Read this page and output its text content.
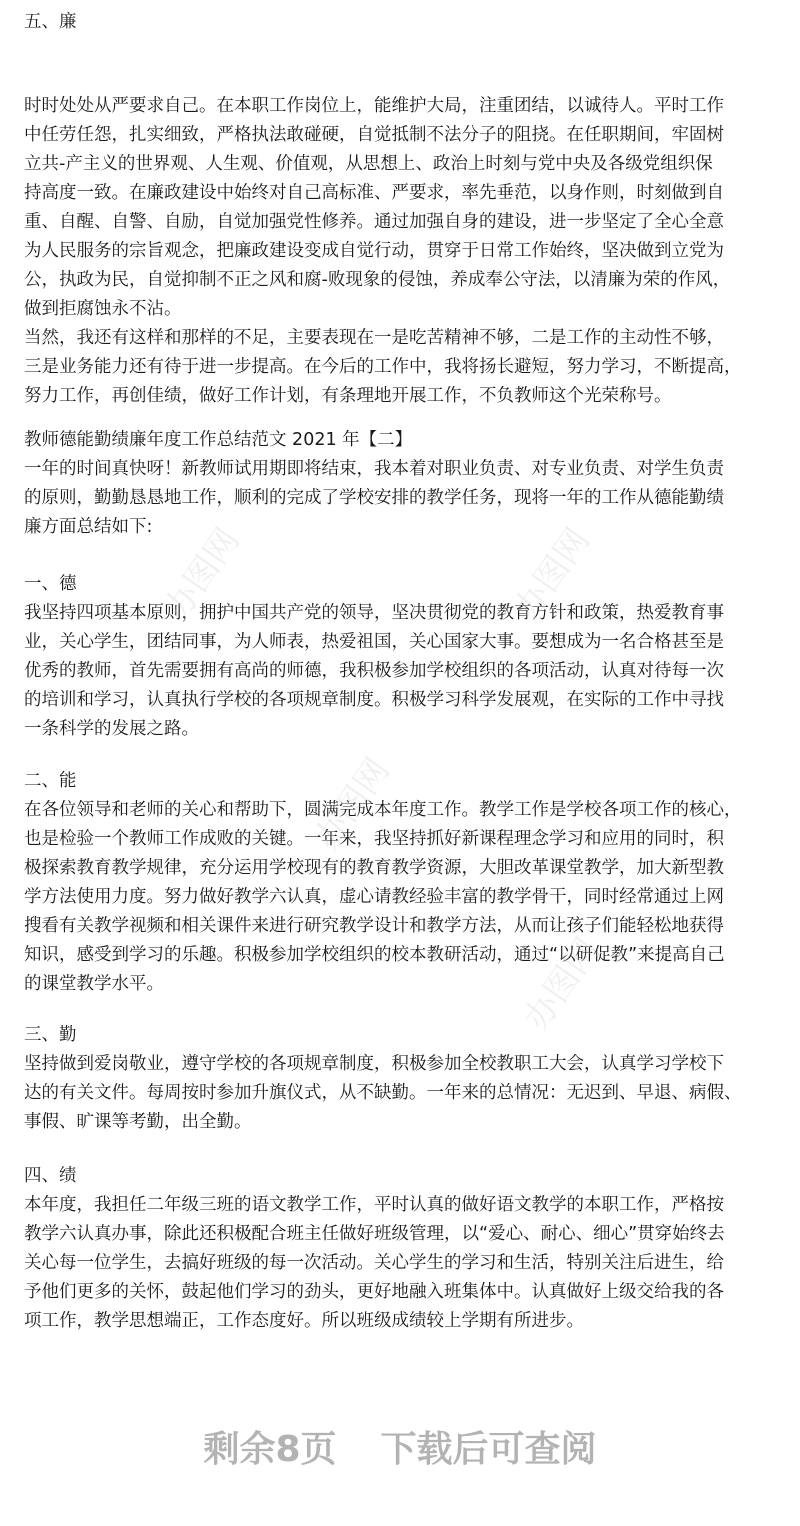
五、廉
时时处处从严要求自己。在本职工作岗位上，能维护大局，注重团结，以诚待人。平时工作
中任劳任怨，扎实细致，严格执法敢碰硬，自觉抵制不法分子的阻挠。在任职期间，牢固树
立共-产主义的世界观、人生观、价值观，从思想上、政治上时刻与党中央及各级党组织保
持高度一致。在廉政建设中始终对自己高标准、严要求，率先垂范，以身作则，时刻做到自
重、自醒、自警、自励，自觉加强党性修养。通过加强自身的建设，进一步坚定了全心全意
为人民服务的宗旨观念，把廉政建设变成自觉行动，贯穿于日常工作始终，坚决做到立党为
公，执政为民，自觉抑制不正之风和腐-败现象的侵蚀，养成奉公守法，以清廉为荣的作风，
做到拒腐蚀永不沾。
当然，我还有这样和那样的不足，主要表现在一是吃苦精神不够，二是工作的主动性不够，
三是业务能力还有待于进一步提高。在今后的工作中，我将扬长避短，努力学习，不断提高，
努力工作，再创佳绩，做好工作计划，有条理地开展工作，不负教师这个光荣称号。
教师德能勤绩廉年度工作总结范文 2021 年【二】
一年的时间真快呀！新教师试用期即将结束，我本着对职业负责、对专业负责、对学生负责
的原则，勤勤恳恳地工作，顺利的完成了学校安排的教学任务，现将一年的工作从德能勤绩
廉方面总结如下:
一、德
我坚持四项基本原则，拥护中国共产党的领导，坚决贯彻党的教育方针和政策，热爱教育事
业，关心学生，团结同事，为人师表，热爱祖国，关心国家大事。要想成为一名合格甚至是
优秀的教师，首先需要拥有高尚的师德，我积极参加学校组织的各项活动，认真对待每一次
的培训和学习，认真执行学校的各项规章制度。积极学习科学发展观，在实际的工作中寻找
一条科学的发展之路。
二、能
在各位领导和老师的关心和帮助下，圆满完成本年度工作。教学工作是学校各项工作的核心，
也是检验一个教师工作成败的关键。一年来，我坚持抓好新课程理念学习和应用的同时，积
极探索教育教学规律，充分运用学校现有的教育教学资源，大胆改革课堂教学，加大新型教
学方法使用力度。努力做好教学六认真，虚心请教经验丰富的教学骨干，同时经常通过上网
搜看有关教学视频和相关课件来进行研究教学设计和教学方法，从而让孩子们能轻松地获得
知识，感受到学习的乐趣。积极参加学校组织的校本教研活动，通过“以研促教”来提高自己
的课堂教学水平。
三、勤
坚持做到爱岗敬业，遵守学校的各项规章制度，积极参加全校教职工大会，认真学习学校下
达的有关文件。每周按时参加升旗仪式，从不缺勤。一年来的总情况：无迟到、早退、病假、
事假、旷课等考勤，出全勤。
四、绩
本年度，我担任二年级三班的语文教学工作，平时认真的做好语文教学的本职工作，严格按
教学六认真办事，除此还积极配合班主任做好班级管理，以“爱心、耐心、细心”贯穿始终去
关心每一位学生，去搞好班级的每一次活动。关心学生的学习和生活，特别关注后进生，给
予他们更多的关怀，鼓起他们学习的劲头，更好地融入班集体中。认真做好上级交给我的各
项工作，教学思想端正，工作态度好。所以班级成绩较上学期有所进步。
办图网	办图网
办图网
办图网
剩余8页 下载后可查阅
